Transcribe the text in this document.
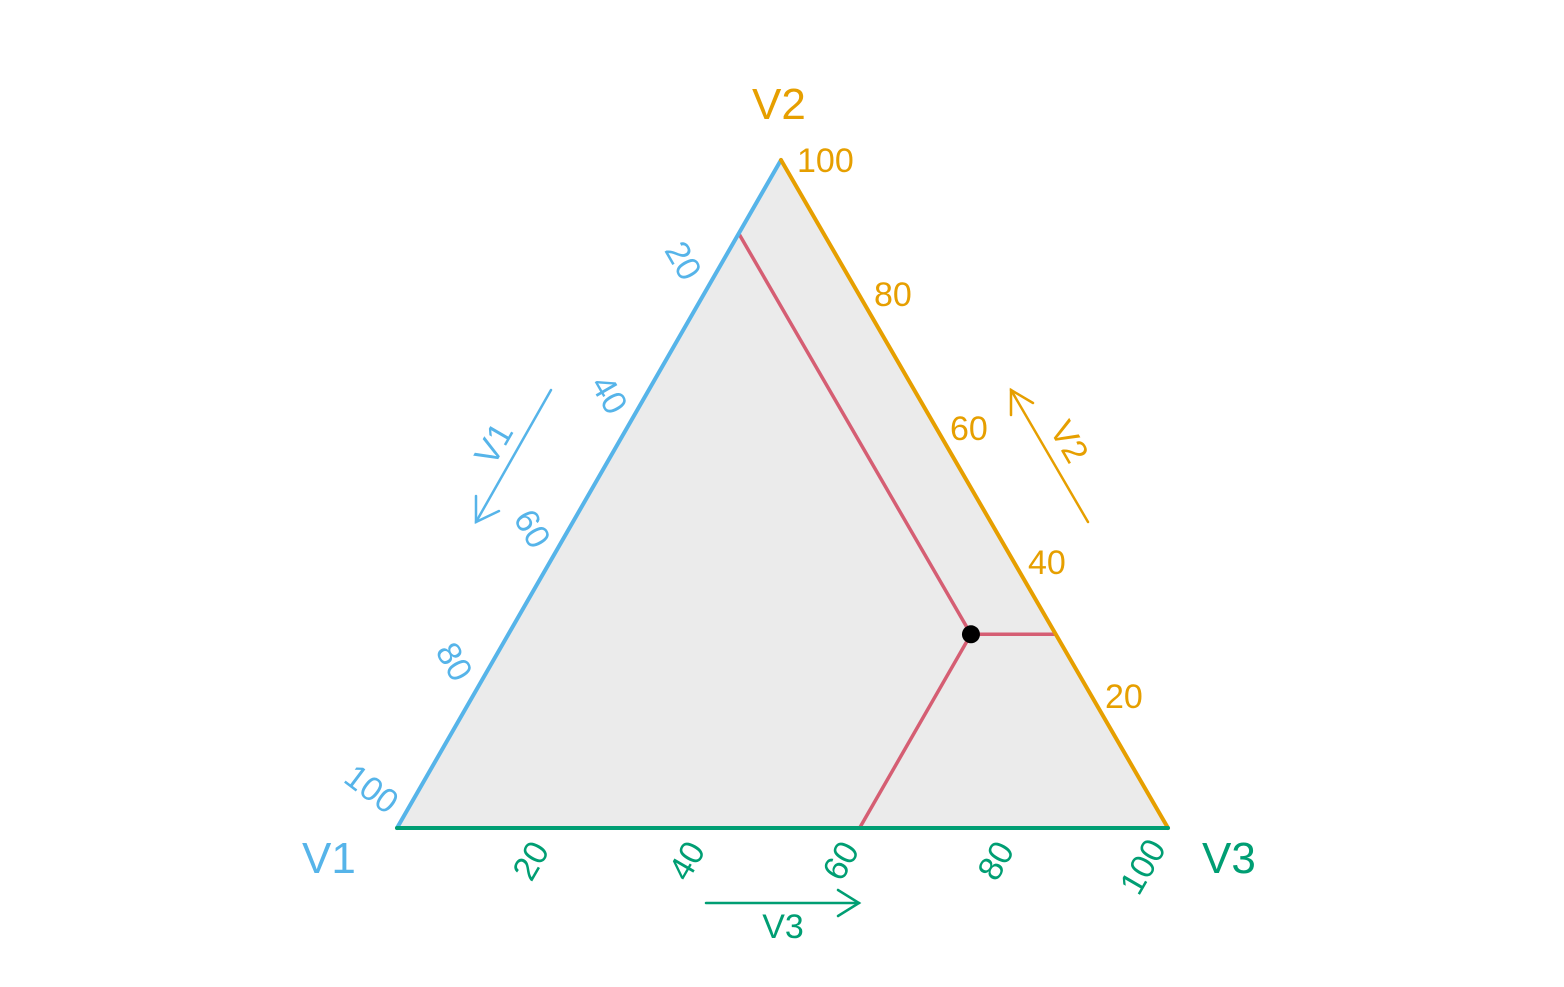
20
40
60
80
100
100
80
60
40
20
20	40	60	80	100
V1
V2
V3
V1	V2
V3
